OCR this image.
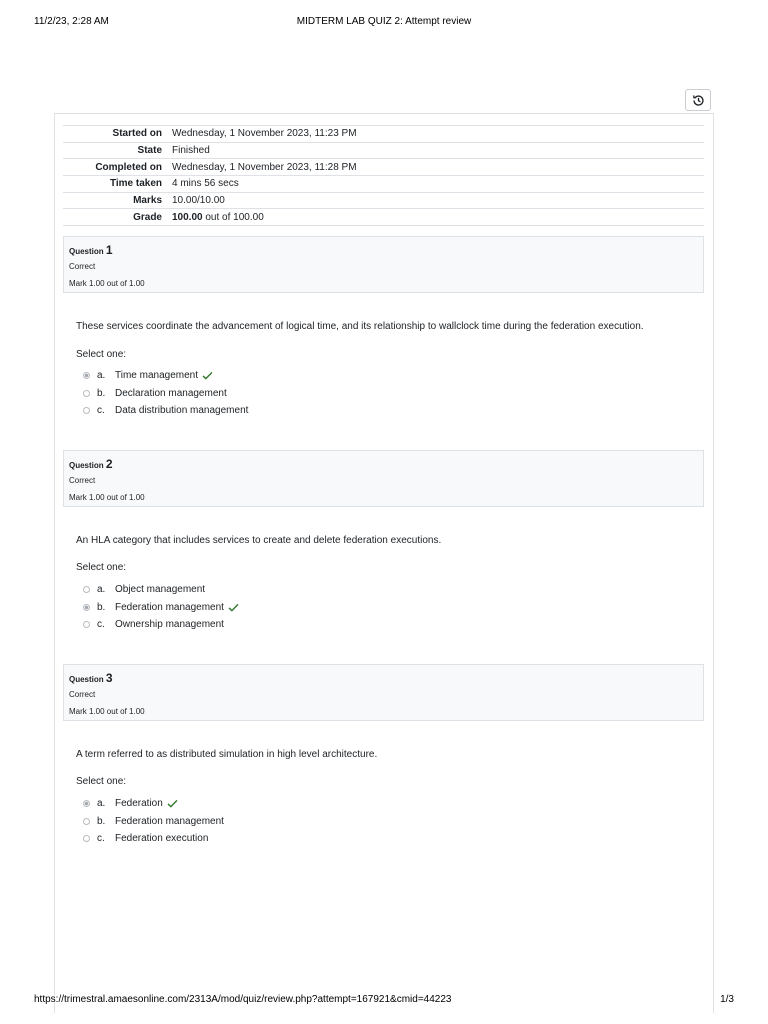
11/2/23, 2:28 AM	MIDTERM LAB QUIZ 2: Attempt review
Started on	Wednesday, 1 November 2023, 11:23 PM
State	Finished
Completed on	Wednesday, 1 November 2023, 11:28 PM
Time taken	4 mins 56 secs
Marks	10.00/10.00
Grade	100.00 out of 100.00
Question 1
Correct
Mark 1.00 out of 1.00
These services coordinate the advancement of logical time, and its relationship to wallclock time during the federation execution.
Select one:
a. Time management
b. Declaration management
c.	Data distribution management
Question 2
Correct
Mark 1.00 out of 1.00
An HLA category that includes services to create and delete federation executions.
Select one:
a. Object management
b. Federation management
c.	Ownership management
Question 3
Correct
Mark 1.00 out of 1.00
A term referred to as distributed simulation in high level architecture.
Select one:
a. Federation
b. Federation management
c.	Federation execution
https://trimestral.amaesonline.com/2313A/mod/quiz/review.php?attempt=167921&cmid=44223	1/3
